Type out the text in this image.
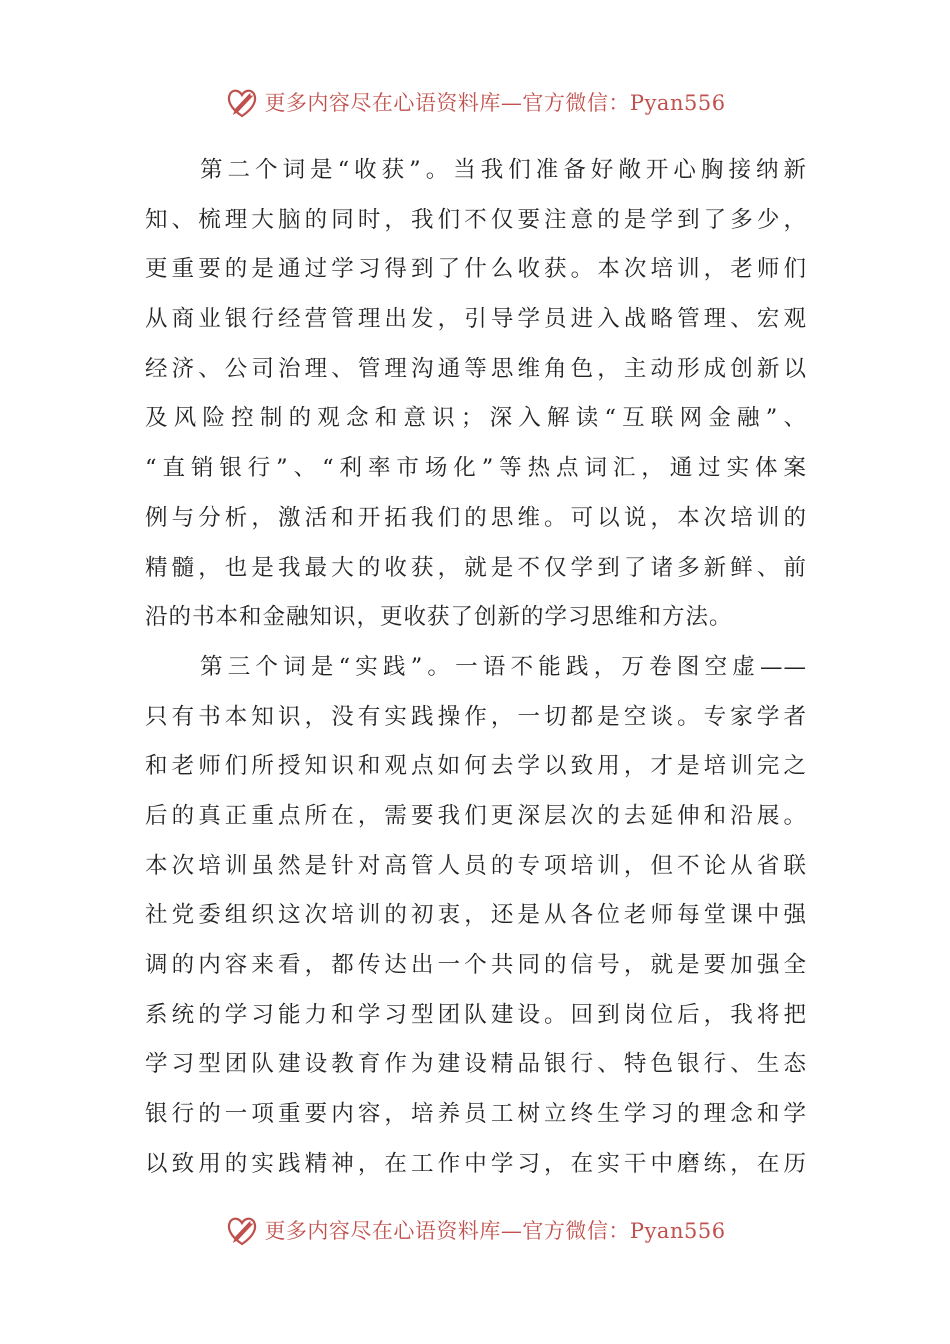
更多内容尽在心语资料库—官方微信：Pyan556
第二个词是“收获”。当我们准备好敞开心胸接纳新
知、梳理大脑的同时，我们不仅要注意的是学到了多少，
更重要的是通过学习得到了什么收获。本次培训，老师们
从商业银行经营管理出发，引导学员进入战略管理、宏观
经济、公司治理、管理沟通等思维角色，主动形成创新以
及风险控制的观念和意识；深入解读“互联网金融”、
“直销银行”、“利率市场化”等热点词汇，通过实体案
例与分析，激活和开拓我们的思维。可以说，本次培训的
精髓，也是我最大的收获，就是不仅学到了诸多新鲜、前
沿的书本和金融知识，更收获了创新的学习思维和方法。
第三个词是“实践”。一语不能践，万卷图空虚——
只有书本知识，没有实践操作，一切都是空谈。专家学者
和老师们所授知识和观点如何去学以致用，才是培训完之
后的真正重点所在，需要我们更深层次的去延伸和沿展。
本次培训虽然是针对高管人员的专项培训，但不论从省联
社党委组织这次培训的初衷，还是从各位老师每堂课中强
调的内容来看，都传达出一个共同的信号，就是要加强全
系统的学习能力和学习型团队建设。回到岗位后，我将把
学习型团队建设教育作为建设精品银行、特色银行、生态
银行的一项重要内容，培养员工树立终生学习的理念和学
以致用的实践精神，在工作中学习，在实干中磨练，在历
更多内容尽在心语资料库—官方微信：Pyan556
